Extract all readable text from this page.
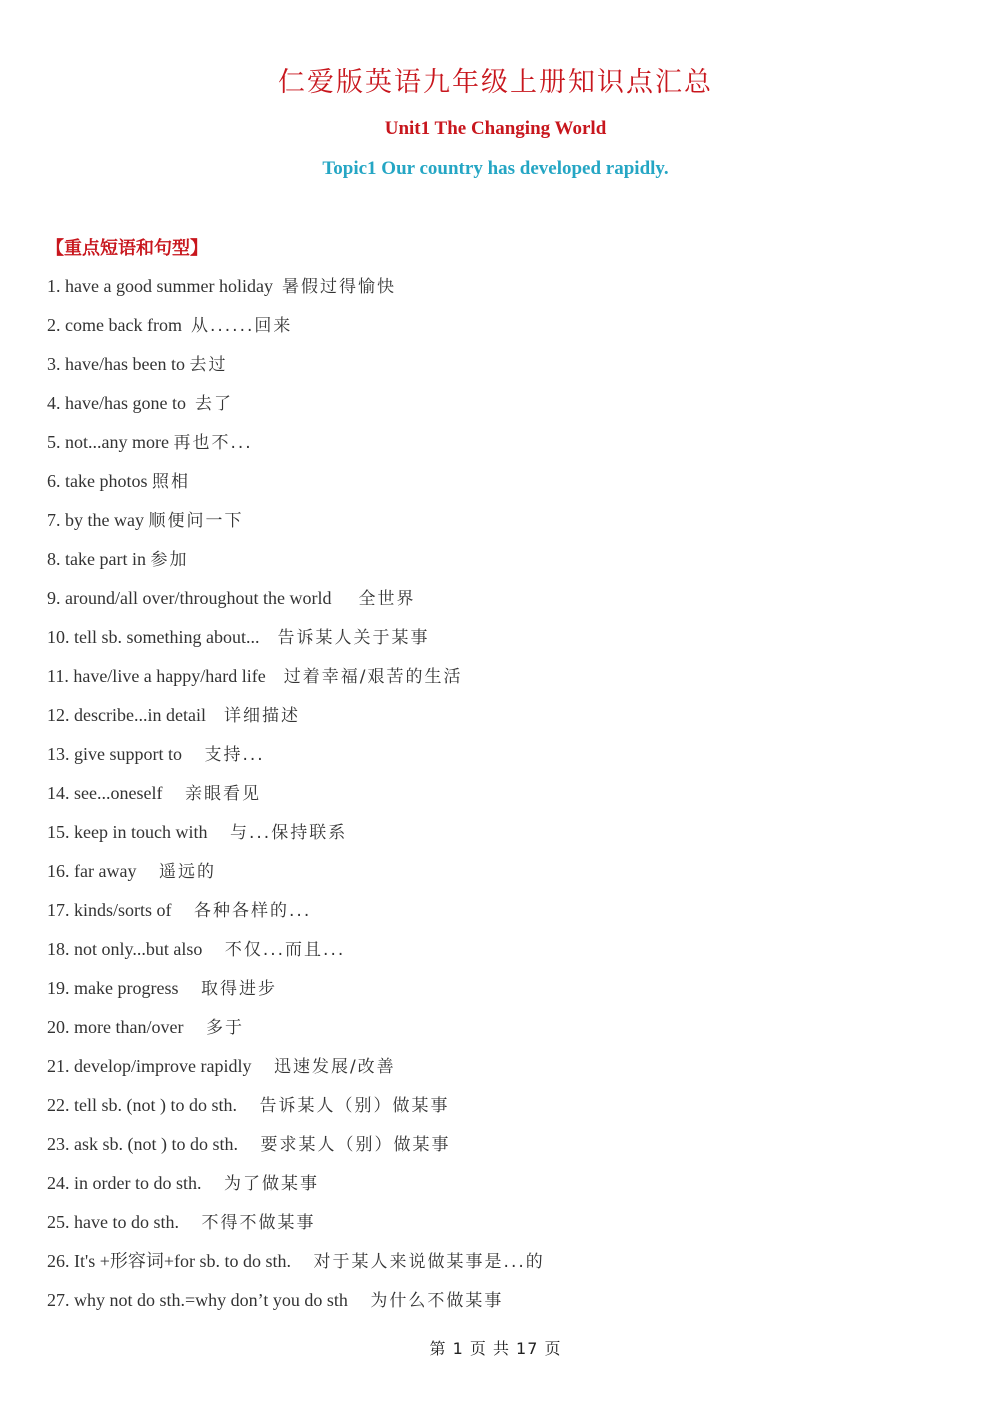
仁爱版英语九年级上册知识点汇总
Unit1 The Changing World
Topic1 Our country has developed rapidly.
【重点短语和句型】
1. have a good summer holiday 暑假过得愉快
2. come back from 从......回来
3. have/has been to 去过
4. have/has gone to 去了
5. not...any more 再也不...
6. take photos 照相
7. by the way 顺便问一下
8. take part in 参加
9. around/all over/throughout the world 全世界
10. tell sb. something about... 告诉某人关于某事
11. have/live a happy/hard life 过着幸福/艰苦的生活
12. describe...in detail 详细描述
13. give support to 支持...
14. see...oneself 亲眼看见
15. keep in touch with 与...保持联系
16. far away 遥远的
17. kinds/sorts of 各种各样的...
18. not only...but also 不仅...而且...
19. make progress 取得进步
20. more than/over 多于
21. develop/improve rapidly 迅速发展/改善
22. tell sb. (not ) to do sth. 告诉某人（别）做某事
23. ask sb. (not ) to do sth. 要求某人（别）做某事
24. in order to do sth. 为了做某事
25. have to do sth. 不得不做某事
26. It's +形容词+for sb. to do sth. 对于某人来说做某事是...的
27. why not do sth.=why don’t you do sth 为什么不做某事
第 1 页 共 17 页
